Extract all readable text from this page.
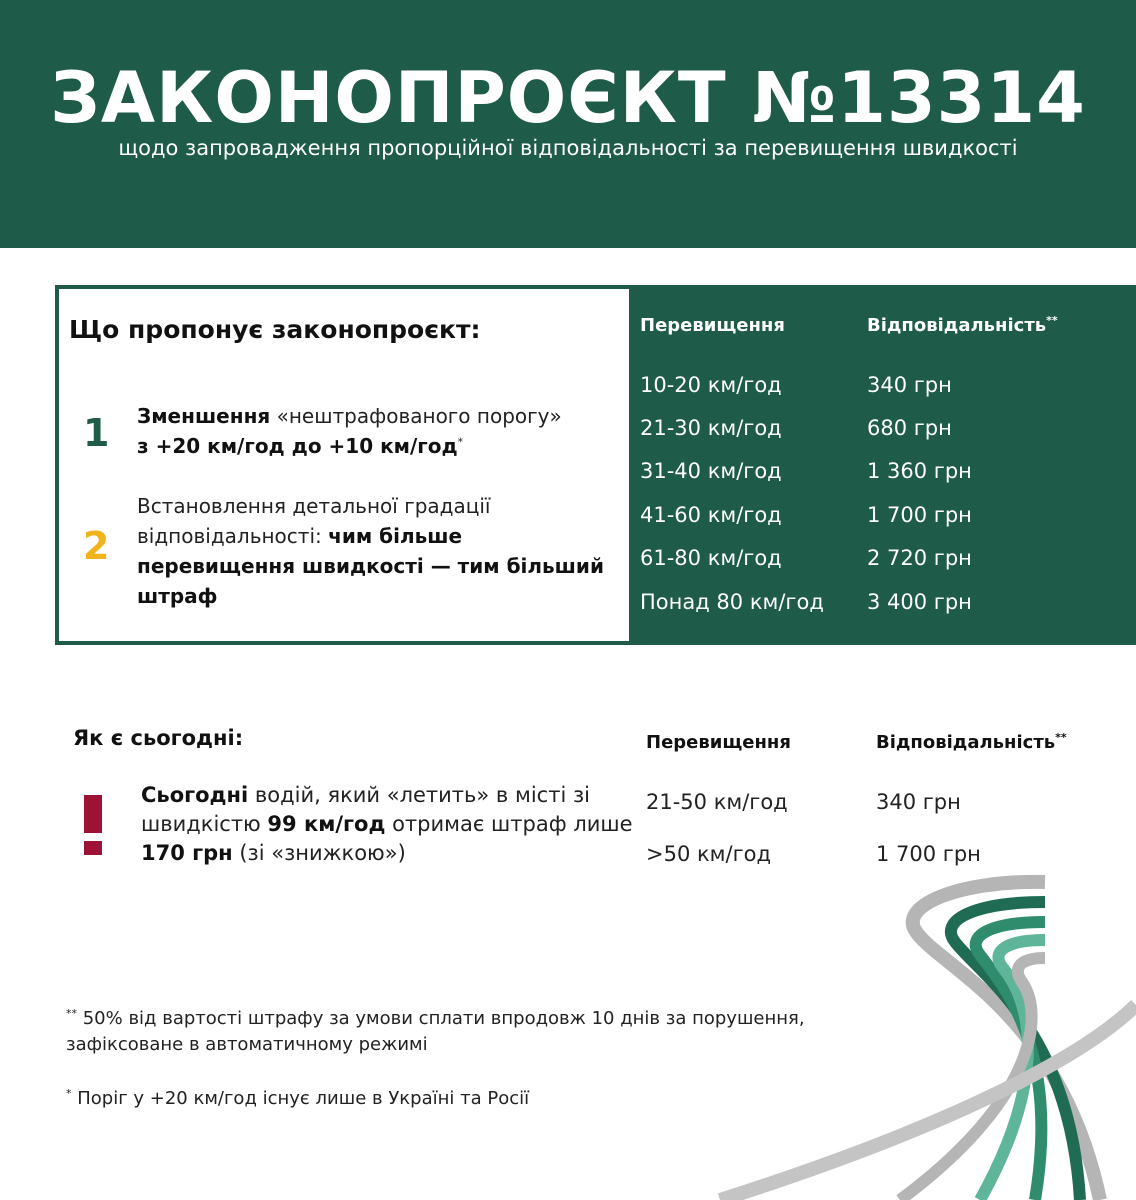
ЗАКОНОПРОЄКТ №13314
щодо запровадження пропорційної відповідальності за перевищення швидкості
Що пропонує законопроєкт:
1 Зменшення «нештрафованого порогу»
з +20 км/год до +10 км/год*
2
Встановлення детальної градації відповідальності: чим більше перевищення швидкості — тим більший штраф
Перевищення	Відповідальність**
10-20 км/год	340 грн
21-30 км/год	680 грн
31-40 км/год	1 360 грн
41-60 км/год	1 700 грн
61-80 км/год	2 720 грн
Понад 80 км/год 3 400 грн
Як є сьогодні:
Сьогодні водій, який «летить» в місті зі швидкістю 99 км/год отримає штраф лише 170 грн (зі «знижкою»)
Перевищення	Відповідальність**
21-50 км/год	340 грн
>50 км/год	1 700 грн
** 50% від вартості штрафу за умови сплати впродовж 10 днів за порушення, зафіксоване в автоматичному режимі
* Поріг у +20 км/год існує лише в Україні та Росії
